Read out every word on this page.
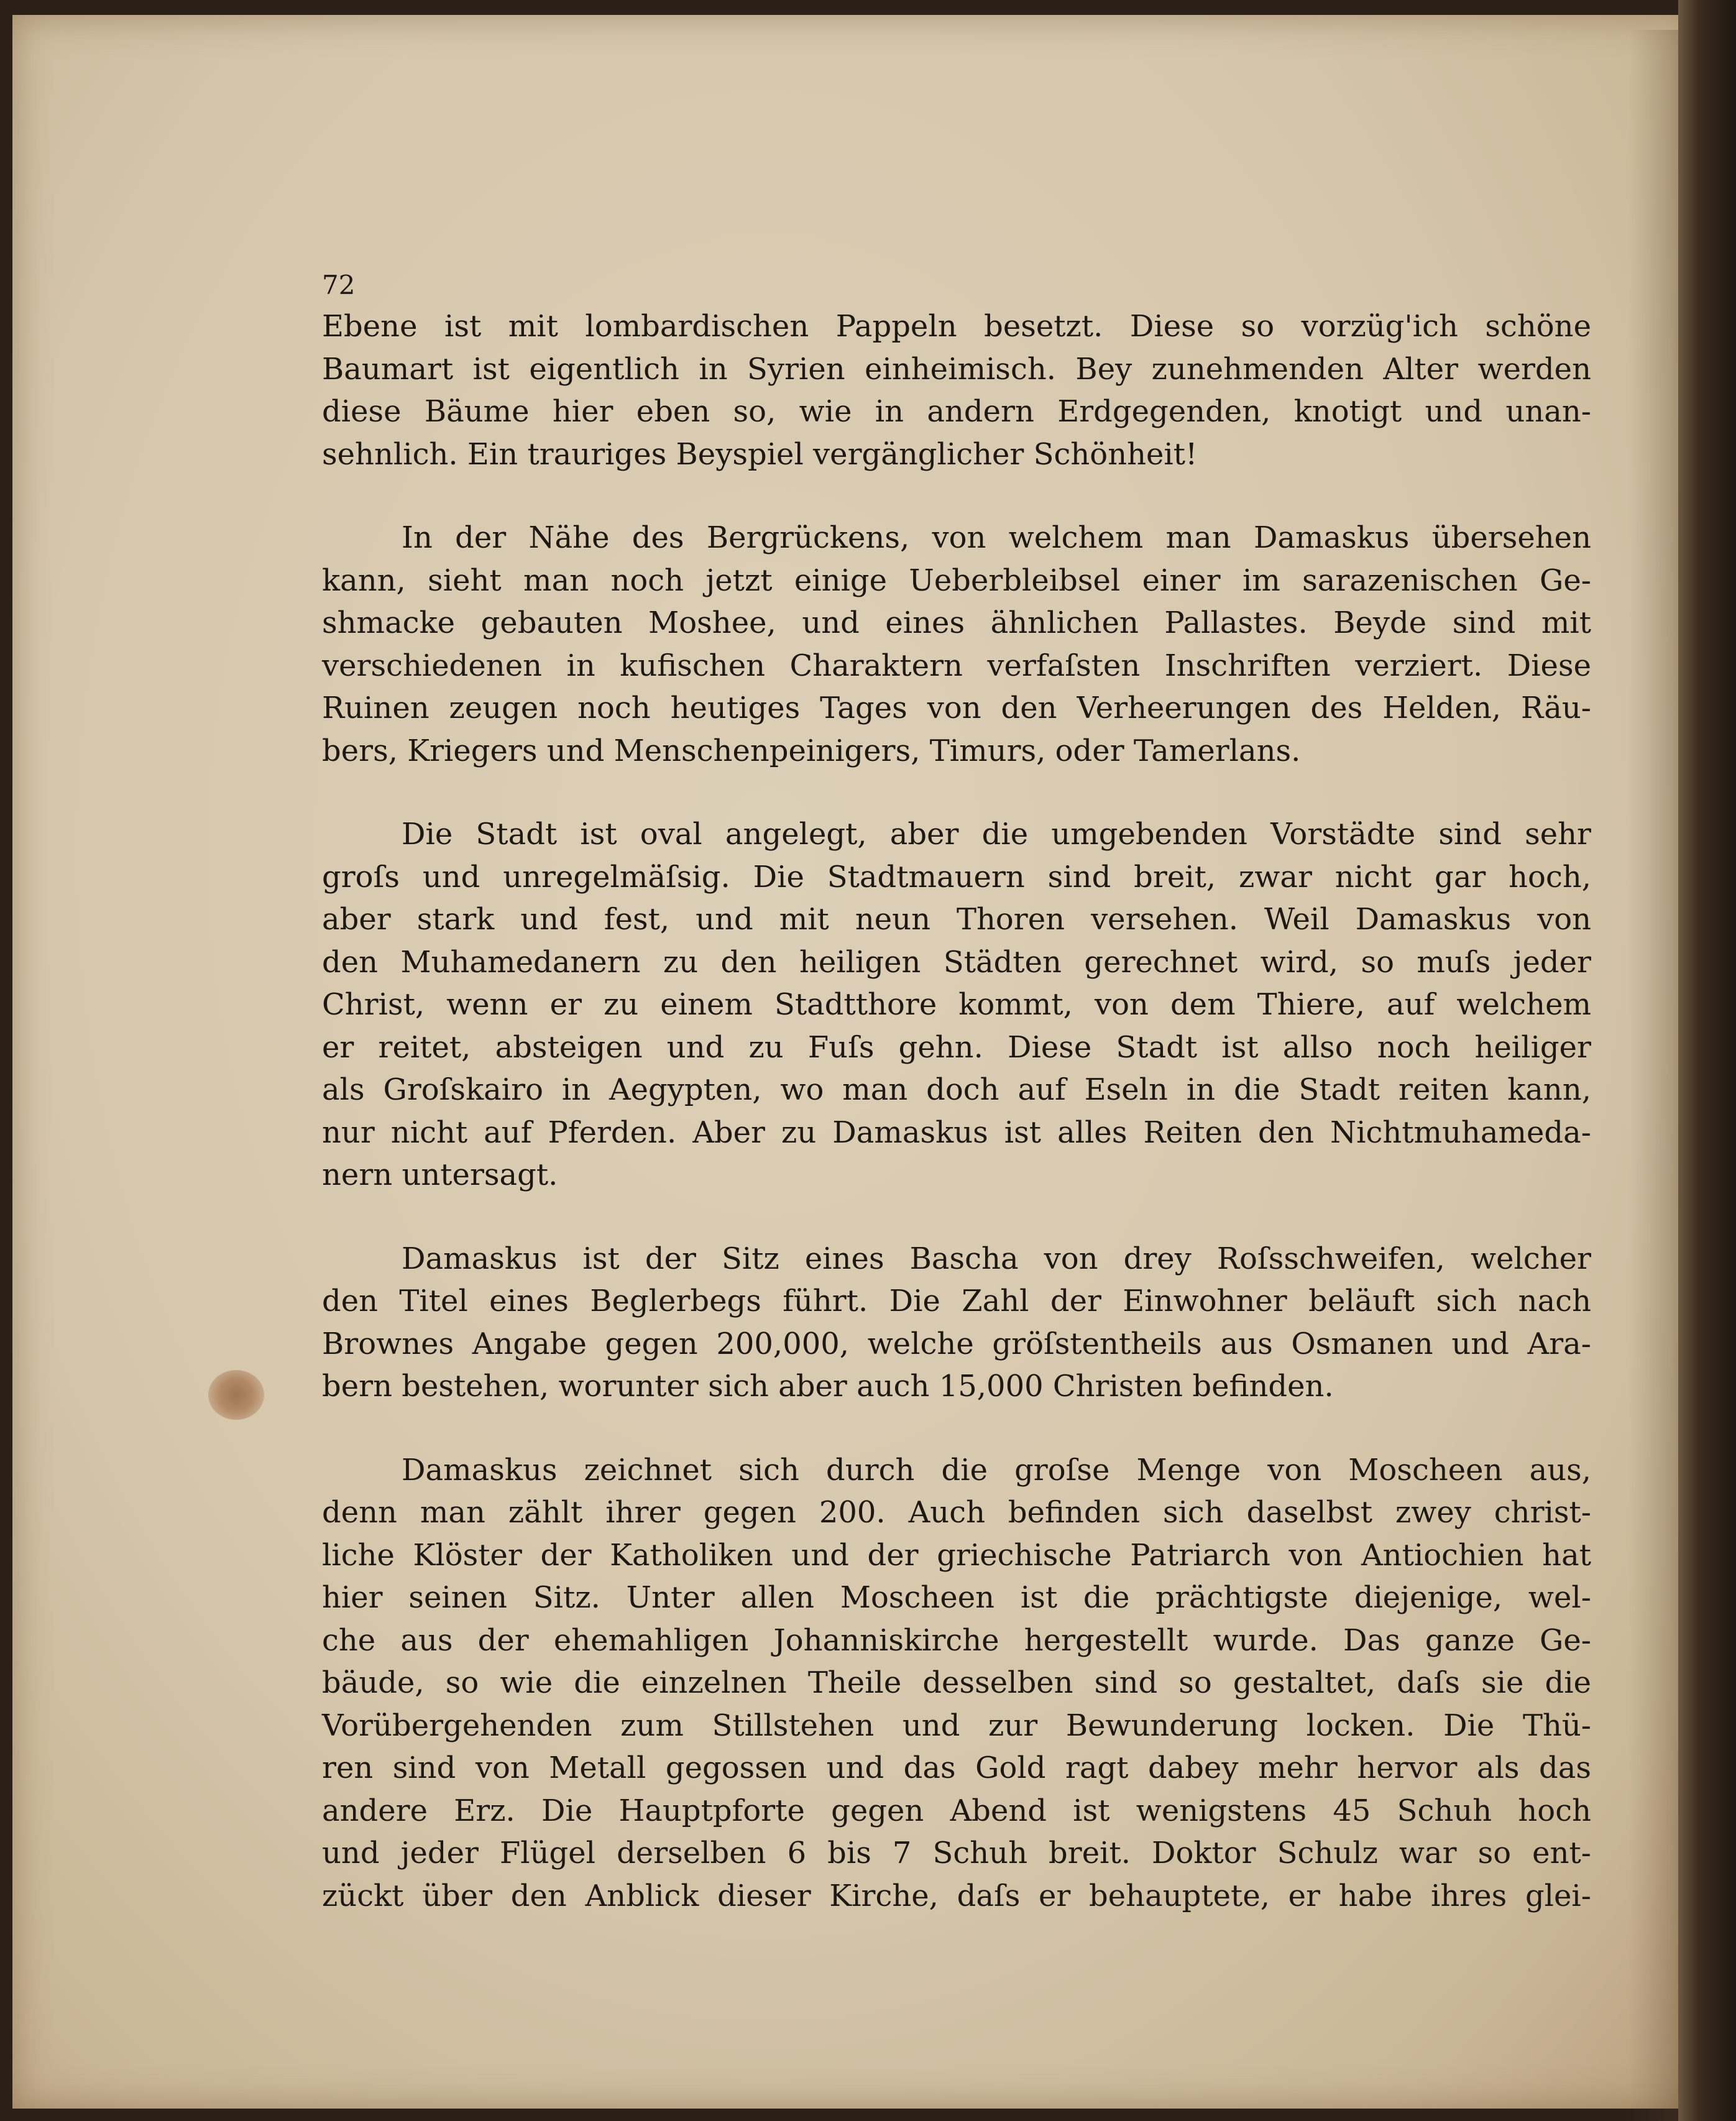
72
Ebene ist mit lombardischen Pappeln besetzt. Diese so vorzüg'ich schöne
Baumart ist eigentlich in Syrien einheimisch. Bey zunehmenden Alter werden
diese Bäume hier eben so, wie in andern Erdgegenden, knotigt und unan-
sehnlich. Ein trauriges Beyspiel vergänglicher Schönheit!
In der Nähe des Bergrückens, von welchem man Damaskus übersehen
kann, sieht man noch jetzt einige Ueberbleibsel einer im sarazenischen Ge-
shmacke gebauten Moshee, und eines ähnlichen Pallastes. Beyde sind mit
verschiedenen in kufischen Charaktern verfaſsten Inschriften verziert. Diese
Ruinen zeugen noch heutiges Tages von den Verheerungen des Helden, Räu-
bers, Kriegers und Menschenpeinigers, Timurs, oder Tamerlans.
Die Stadt ist oval angelegt, aber die umgebenden Vorstädte sind sehr
groſs und unregelmäſsig. Die Stadtmauern sind breit, zwar nicht gar hoch,
aber stark und fest, und mit neun Thoren versehen. Weil Damaskus von
den Muhamedanern zu den heiligen Städten gerechnet wird, so muſs jeder
Christ, wenn er zu einem Stadtthore kommt, von dem Thiere, auf welchem
er reitet, absteigen und zu Fuſs gehn. Diese Stadt ist allso noch heiliger
als Groſskairo in Aegypten, wo man doch auf Eseln in die Stadt reiten kann,
nur nicht auf Pferden. Aber zu Damaskus ist alles Reiten den Nichtmuhameda-
nern untersagt.
Damaskus ist der Sitz eines Bascha von drey Roſsschweifen, welcher
den Titel eines Beglerbegs führt. Die Zahl der Einwohner beläuft sich nach
Brownes Angabe gegen 200,000, welche gröſstentheils aus Osmanen und Ara-
bern bestehen, worunter sich aber auch 15,000 Christen befinden.
Damaskus zeichnet sich durch die groſse Menge von Moscheen aus,
denn man zählt ihrer gegen 200. Auch befinden sich daselbst zwey christ-
liche Klöster der Katholiken und der griechische Patriarch von Antiochien hat
hier seinen Sitz. Unter allen Moscheen ist die prächtigste diejenige, wel-
che aus der ehemahligen Johanniskirche hergestellt wurde. Das ganze Ge-
bäude, so wie die einzelnen Theile desselben sind so gestaltet, daſs sie die
Vorübergehenden zum Stillstehen und zur Bewunderung locken. Die Thü-
ren sind von Metall gegossen und das Gold ragt dabey mehr hervor als das
andere Erz. Die Hauptpforte gegen Abend ist wenigstens 45 Schuh hoch
und jeder Flügel derselben 6 bis 7 Schuh breit. Doktor Schulz war so ent-
zückt über den Anblick dieser Kirche, daſs er behauptete, er habe ihres glei-
